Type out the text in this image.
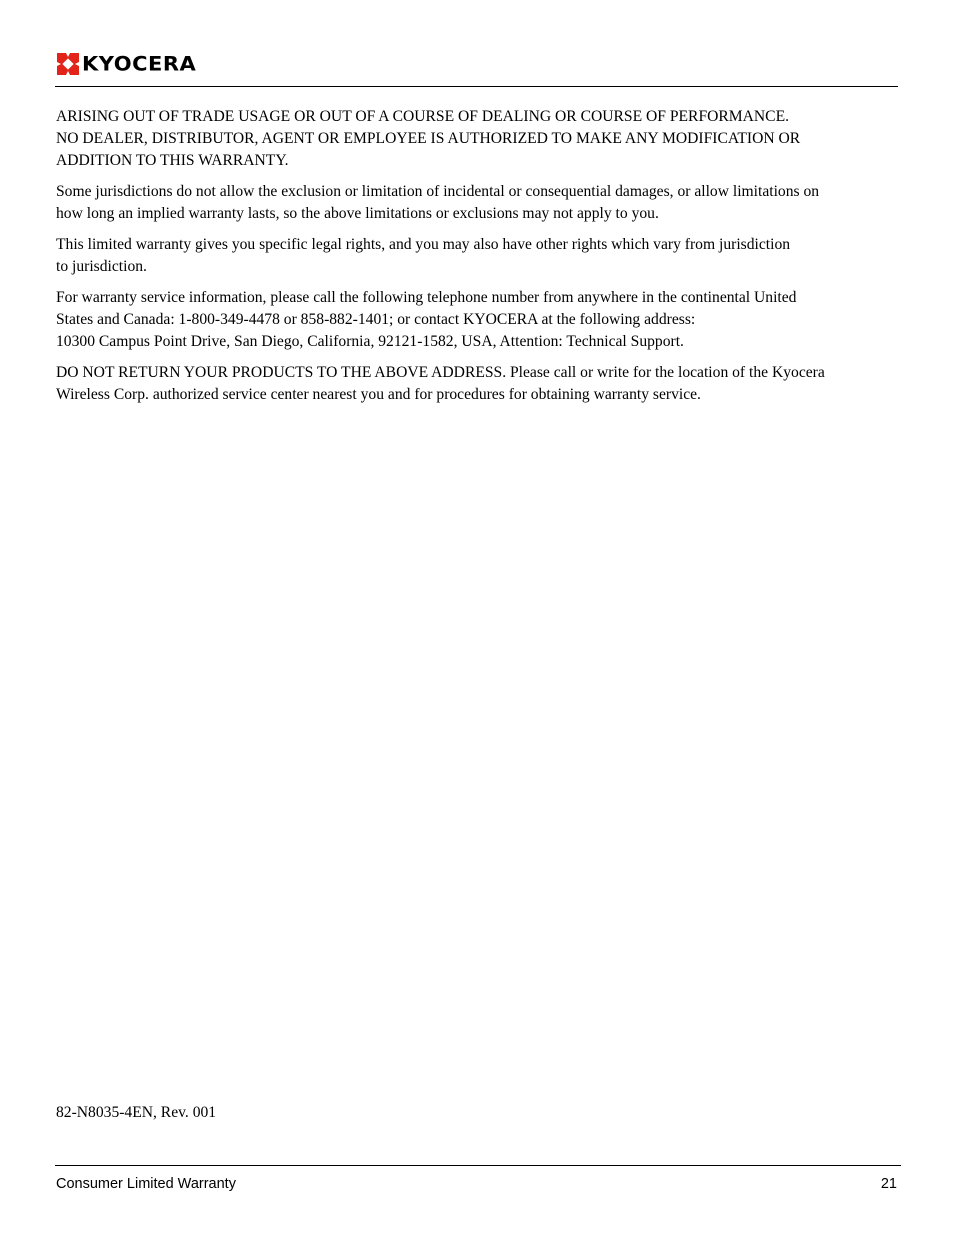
KYOCERA

ARISING OUT OF TRADE USAGE OR OUT OF A COURSE OF DEALING OR COURSE OF PERFORMANCE.
NO DEALER, DISTRIBUTOR, AGENT OR EMPLOYEE IS AUTHORIZED TO MAKE ANY MODIFICATION OR
ADDITION TO THIS WARRANTY.

Some jurisdictions do not allow the exclusion or limitation of incidental or consequential damages, or allow limitations on
how long an implied warranty lasts, so the above limitations or exclusions may not apply to you.

This limited warranty gives you specific legal rights, and you may also have other rights which vary from jurisdiction
to jurisdiction.

For warranty service information, please call the following telephone number from anywhere in the continental United
States and Canada: 1-800-349-4478 or 858-882-1401; or contact KYOCERA at the following address:
10300 Campus Point Drive, San Diego, California, 92121-1582, USA, Attention: Technical Support.

DO NOT RETURN YOUR PRODUCTS TO THE ABOVE ADDRESS. Please call or write for the location of the Kyocera
Wireless Corp. authorized service center nearest you and for procedures for obtaining warranty service.

82-N8035-4EN, Rev. 001
Consumer Limited Warranty	21
